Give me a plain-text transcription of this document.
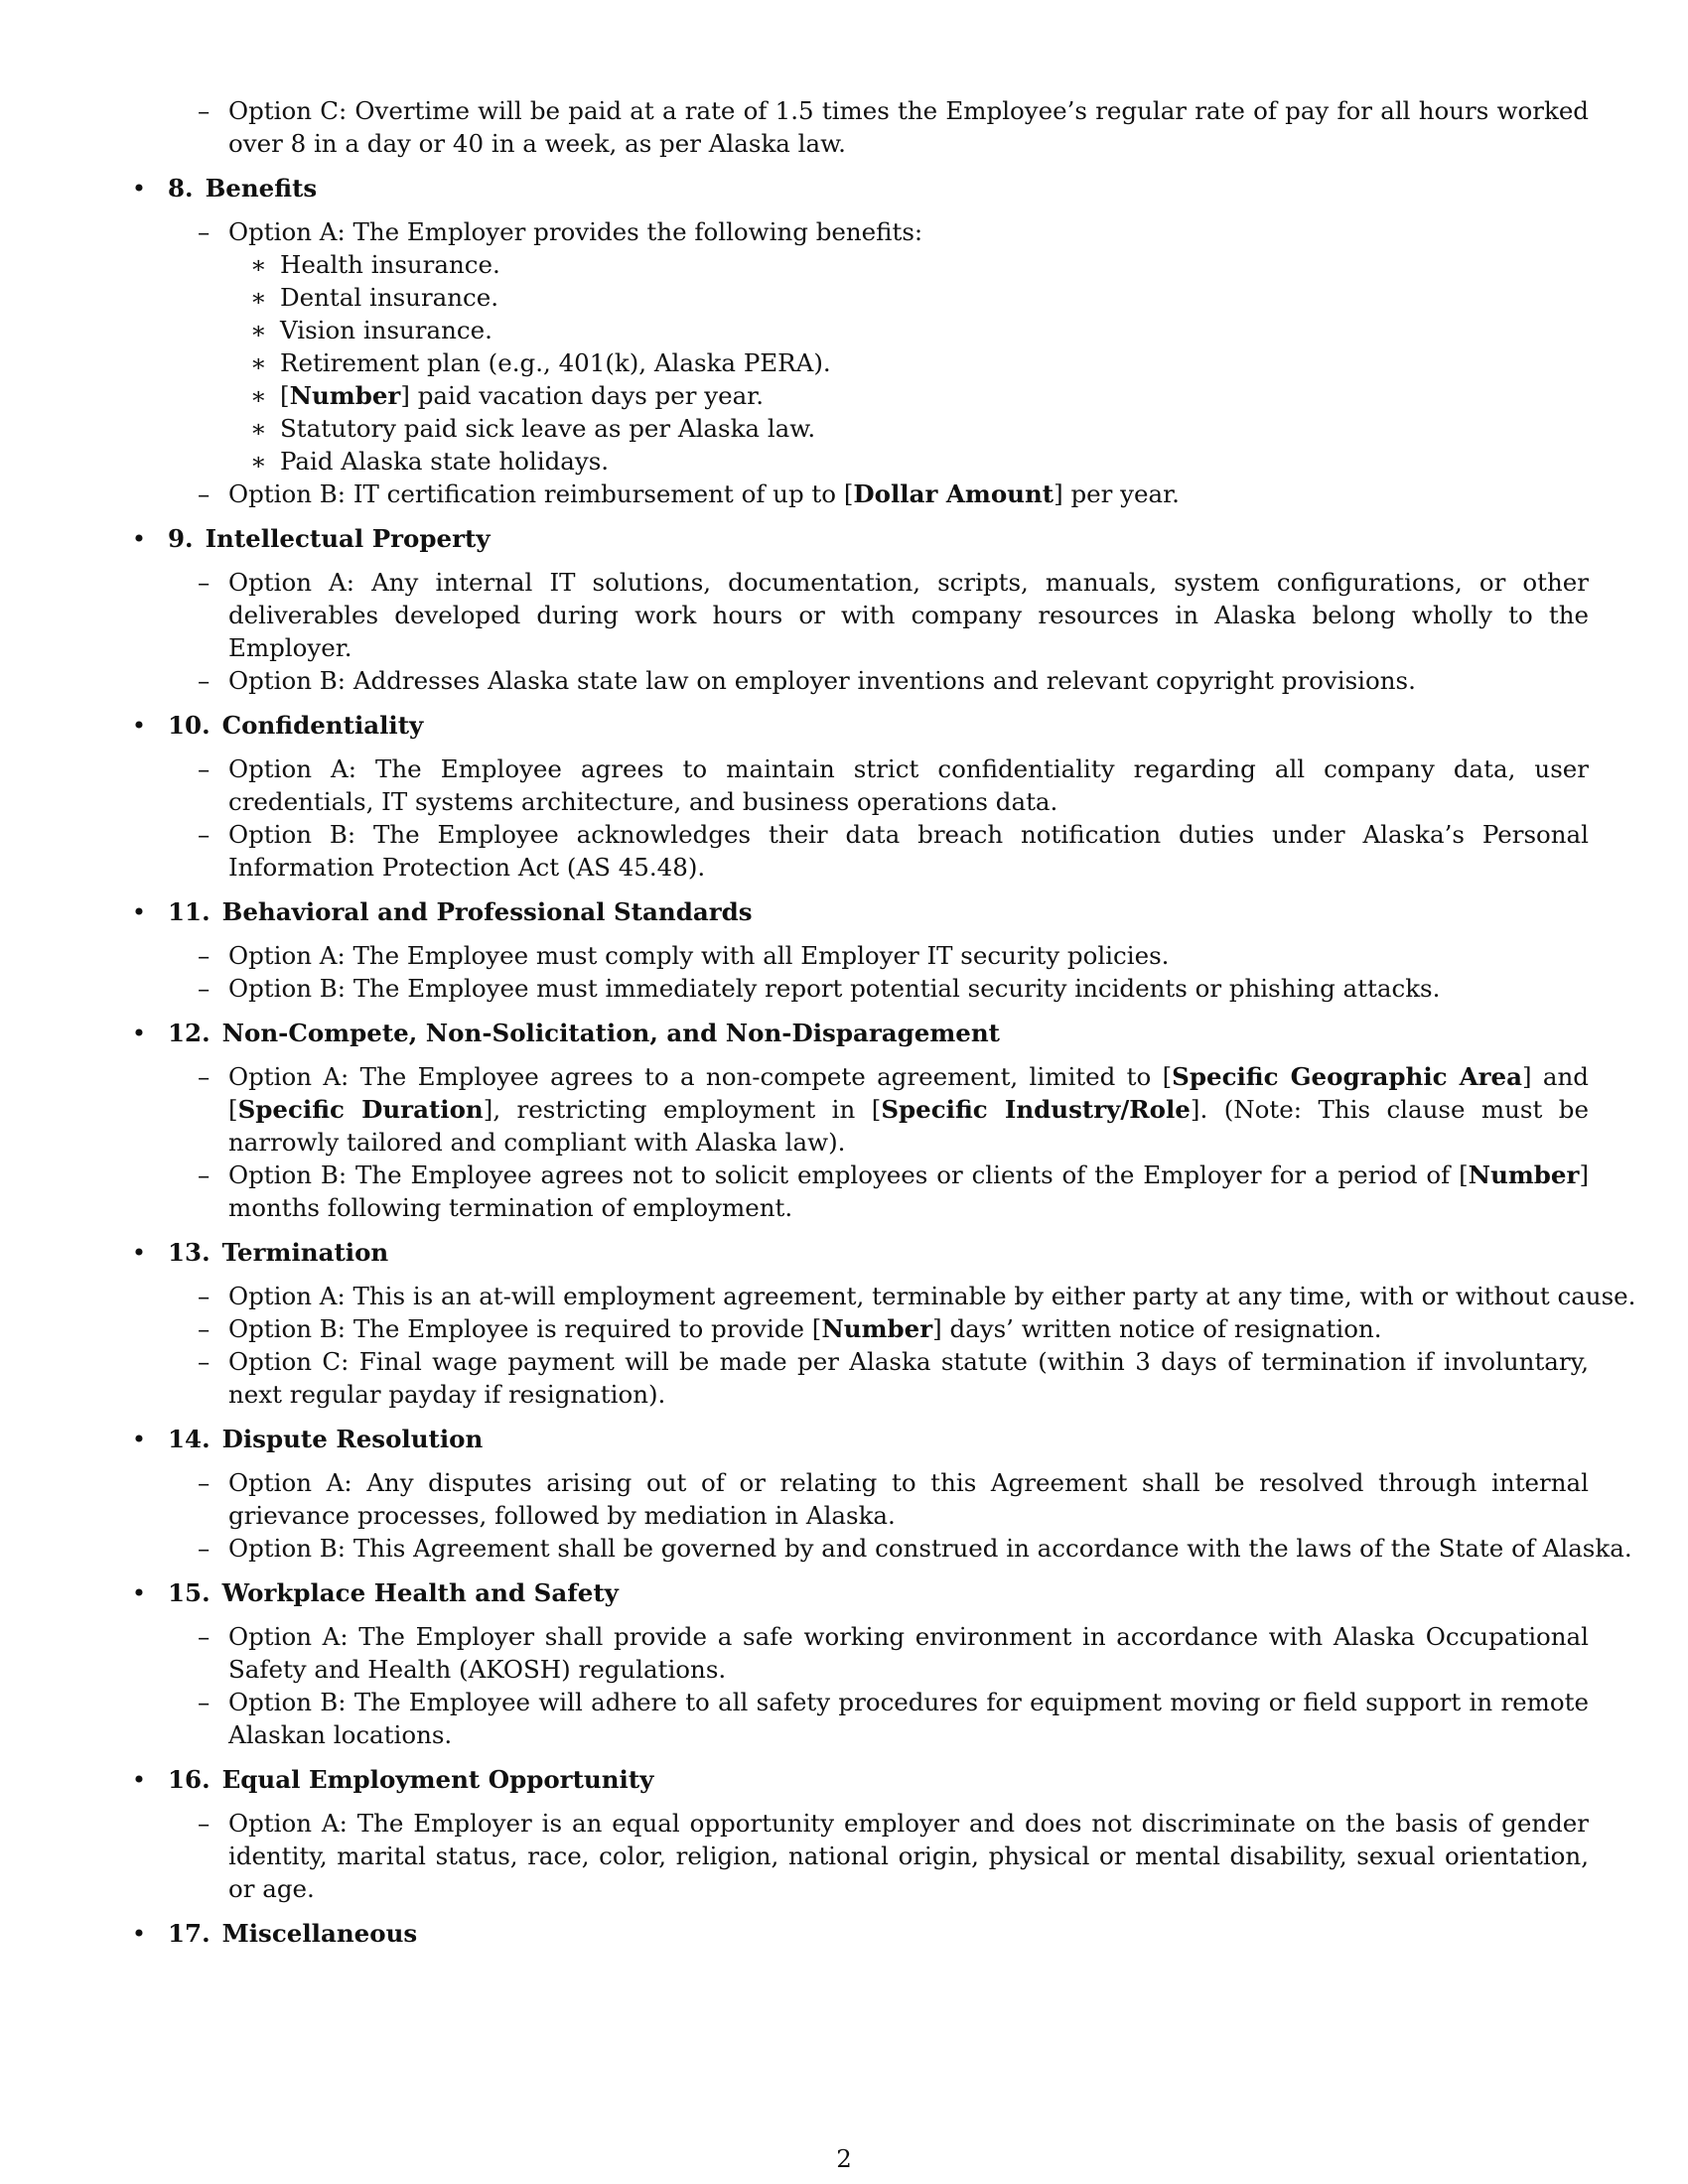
– Option C: Overtime will be paid at a rate of 1.5 times the Employee’s regular rate of pay for all hours worked over 8 in a day or 40 in a week, as per Alaska law.
• 8. Benefits
– Option A: The Employer provides the following benefits:
∗ Health insurance.
∗ Dental insurance.
∗ Vision insurance.
∗ Retirement plan (e.g., 401(k), Alaska PERA).
∗ [Number] paid vacation days per year.
∗ Statutory paid sick leave as per Alaska law.
∗ Paid Alaska state holidays.
– Option B: IT certification reimbursement of up to [Dollar Amount] per year.
• 9. Intellectual Property
– Option A: Any internal IT solutions, documentation, scripts, manuals, system configurations, or other deliverables developed during work hours or with company resources in Alaska belong wholly to the Employer.
– Option B: Addresses Alaska state law on employer inventions and relevant copyright provisions.
• 10. Confidentiality
– Option A: The Employee agrees to maintain strict confidentiality regarding all company data, user credentials, IT systems architecture, and business operations data.
– Option B: The Employee acknowledges their data breach notification duties under Alaska’s Personal Information Protection Act (AS 45.48).
• 11. Behavioral and Professional Standards
– Option A: The Employee must comply with all Employer IT security policies.
– Option B: The Employee must immediately report potential security incidents or phishing attacks.
• 12. Non-Compete, Non-Solicitation, and Non-Disparagement
– Option A: The Employee agrees to a non-compete agreement, limited to [Specific Geographic Area] and [Specific Duration], restricting employment in [Specific Industry/Role]. (Note: This clause must be narrowly tailored and compliant with Alaska law).
– Option B: The Employee agrees not to solicit employees or clients of the Employer for a period of [Number] months following termination of employment.
• 13. Termination
– Option A: This is an at-will employment agreement, terminable by either party at any time, with or without cause.
– Option B: The Employee is required to provide [Number] days’ written notice of resignation.
– Option C: Final wage payment will be made per Alaska statute (within 3 days of termination if involuntary, next regular payday if resignation).
• 14. Dispute Resolution
– Option A: Any disputes arising out of or relating to this Agreement shall be resolved through internal grievance processes, followed by mediation in Alaska.
– Option B: This Agreement shall be governed by and construed in accordance with the laws of the State of Alaska.
• 15. Workplace Health and Safety
– Option A: The Employer shall provide a safe working environment in accordance with Alaska Occupational Safety and Health (AKOSH) regulations.
– Option B: The Employee will adhere to all safety procedures for equipment moving or field support in remote Alaskan locations.
• 16. Equal Employment Opportunity
– Option A: The Employer is an equal opportunity employer and does not discriminate on the basis of gender identity, marital status, race, color, religion, national origin, physical or mental disability, sexual orientation, or age.
• 17. Miscellaneous
2
